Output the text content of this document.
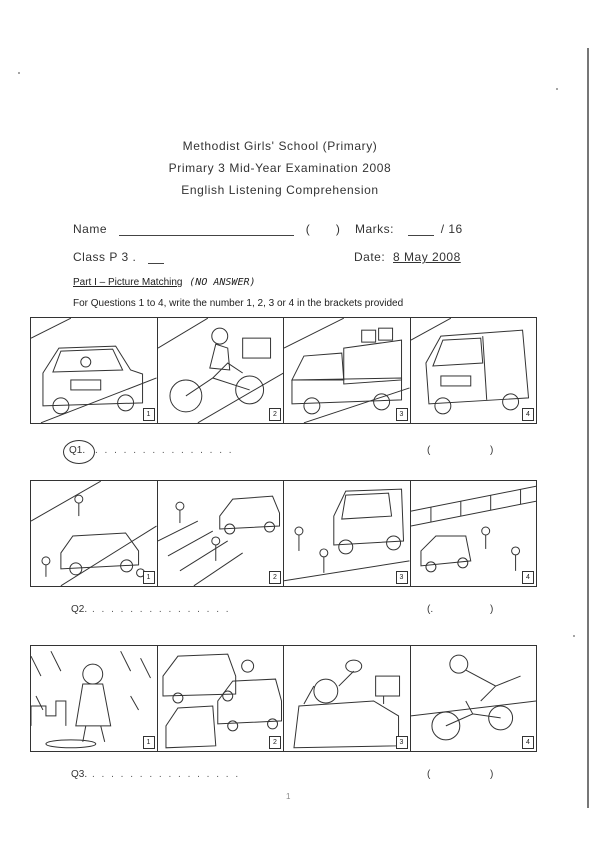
Methodist Girls' School (Primary)
Primary 3 Mid-Year Examination 2008
English Listening Comprehension
Name	( ) Marks:	/ 16
Class P 3 .	Date: 8 May 2008
Part I – Picture Matching (NO ANSWER)
For Questions 1 to 4, write the number 1, 2, 3 or 4 in the brackets provided
1	2	3	4
Q1. . . . . . . . . . . . . . . .	(	)
1	2	3	4
Q2. . . . . . . . . . . . . . . .	(.	)
1	2	3	4
Q3. . . . . . . . . . . . . . . . .	(	)
1
